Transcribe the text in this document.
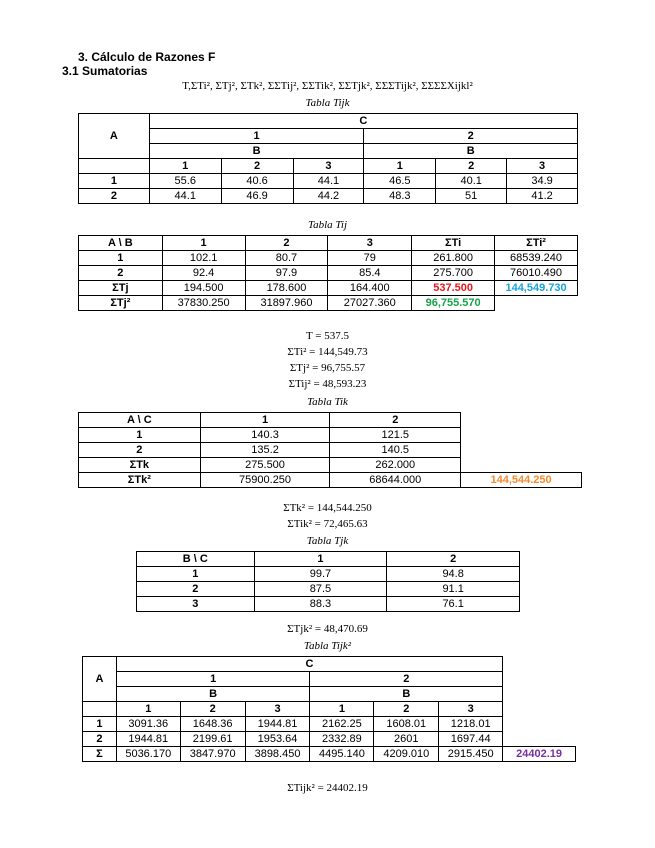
3. Cálculo de Razones F
3.1 Sumatorias
T,ΣTi², ΣTj², ΣTk², ΣΣTij², ΣΣTik², ΣΣTjk², ΣΣΣTijk², ΣΣΣΣXijkl²
Tabla Tijk
A	C					
	1			2		
	B			B		
	1	2	3	1	2	3
1	55.6	40.6	44.1	46.5	40.1	34.9
2	44.1	46.9	44.2	48.3	51	41.2
Tabla Tij
A \ B	1	2	3	ΣTi	ΣTi²
1	102.1	80.7	79	261.800	68539.240
2	92.4	97.9	85.4	275.700	76010.490
ΣTj	194.500	178.600	164.400	537.500	144,549.730
ΣTj²	37830.250	31897.960	27027.360	96,755.570	
T = 537.5
ΣTi² = 144,549.73
ΣTj² = 96,755.57
ΣTij² = 48,593.23
Tabla Tik
A \ C	1	2	
1	140.3	121.5	
2	135.2	140.5	
ΣTk	275.500	262.000	
ΣTk²	75900.250	68644.000	144,544.250
ΣTk² = 144,544.250
ΣTik² = 72,465.63
Tabla Tjk
B \ C	1	2
1	99.7	94.8
2	87.5	91.1
3	88.3	76.1
ΣTjk² = 48,470.69
Tabla Tijk²
A	C						
	1			2			
	B			B			
	1	2	3	1	2	3	
1	3091.36	1648.36	1944.81	2162.25	1608.01	1218.01	
2	1944.81	2199.61	1953.64	2332.89	2601	1697.44	
Σ	5036.170	3847.970	3898.450	4495.140	4209.010	2915.450	24402.19
ΣTijk² = 24402.19
